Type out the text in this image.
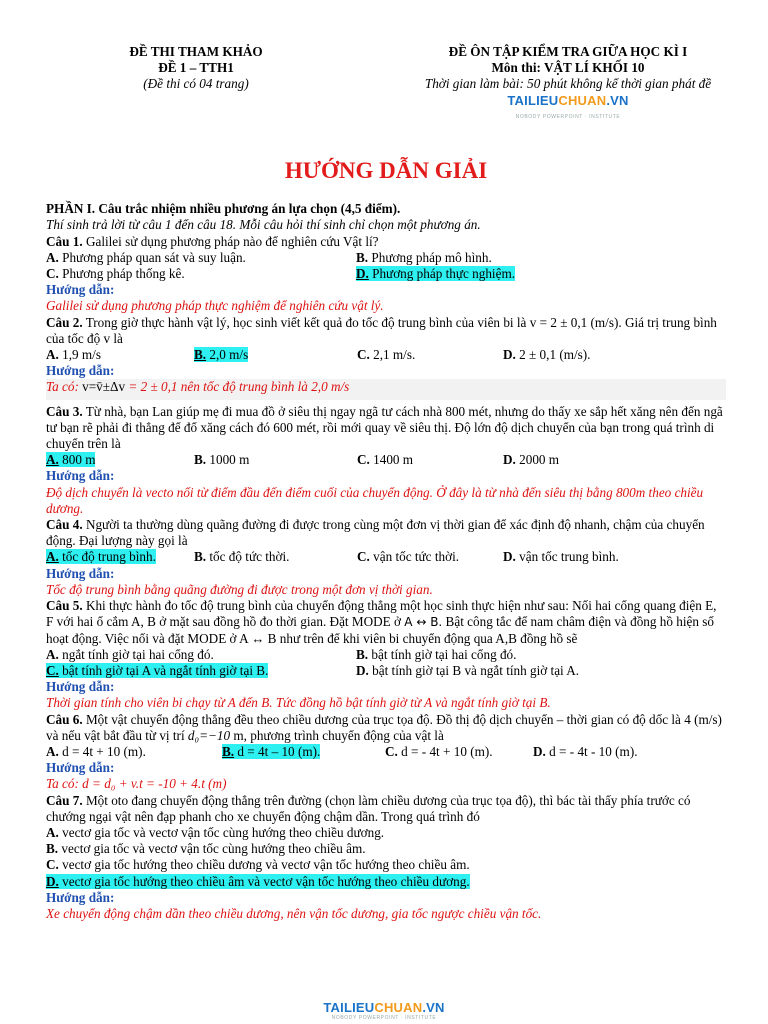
ĐỀ THI THAM KHẢO
ĐỀ 1 – TTH1
(Đề thi có 04 trang)
ĐỀ ÔN TẬP KIỂM TRA GIỮA HỌC KÌ I
Môn thi: VẬT LÍ KHỐI 10
Thời gian làm bài: 50 phút không kể thời gian phát đề
TAILIEUCHUAN.VN
NOBODY POWERPOINT · INSTITUTE
HƯỚNG DẪN GIẢI

PHẦN I. Câu trắc nhiệm nhiều phương án lựa chọn (4,5 điểm).

Thí sinh trả lời từ câu 1 đến câu 18. Mỗi câu hỏi thí sinh chỉ chọn một phương án.

Câu 1. Galilei sử dụng phương pháp nào để nghiên cứu Vật lí?

A. Phương pháp quan sát và suy luận.	B. Phương pháp mô hình.
C. Phương pháp thống kê.	D. Phương pháp thực nghiệm.

Hướng dẫn:

Galilei sử dụng phương pháp thực nghiệm để nghiên cứu vật lý.

Câu 2. Trong giờ thực hành vật lý, học sinh viết kết quả đo tốc độ trung bình của viên bi là v = 2 ± 0,1 (m/s). Giá trị trung bình của tốc độ v là

A. 1,9 m/s	B. 2,0 m/s	C. 2,1 m/s.	D. 2 ± 0,1 (m/s).

Hướng dẫn:

Ta có: v=v̄±Δv = 2 ± 0,1 nên tốc độ trung bình là 2,0 m/s

Câu 3. Từ nhà, bạn Lan giúp mẹ đi mua đồ ở siêu thị ngay ngã tư cách nhà 800 mét, nhưng do thấy xe sắp hết xăng nên đến ngã tư bạn rẽ phải đi thẳng để đổ xăng cách đó 600 mét, rồi mới quay về siêu thị. Độ lớn độ dịch chuyển của bạn trong quá trình di chuyển trên là

A. 800 m	B. 1000 m	C. 1400 m	D. 2000 m

Hướng dẫn:

Độ dịch chuyển là vecto nối từ điểm đầu đến điểm cuối của chuyển động. Ở đây là từ nhà đến siêu thị bằng 800m theo chiều dương.

Câu 4. Người ta thường dùng quãng đường đi được trong cùng một đơn vị thời gian để xác định độ nhanh, chậm của chuyển động. Đại lượng này gọi là

A. tốc độ trung bình.	B. tốc độ tức thời.	C. vận tốc tức thời.	D. vận tốc trung bình.

Hướng dẫn:

Tốc độ trung bình bằng quãng đường đi được trong một đơn vị thời gian.

Câu 5. Khi thực hành đo tốc độ trung bình của chuyển động thẳng một học sinh thực hiện như sau: Nối hai cổng quang điện E, F với hai ổ cắm A, B ở mặt sau đồng hồ đo thời gian. Đặt MODE ở A ↔ B. Bật công tắc để nam châm điện và đồng hồ hiện số hoạt động. Việc nối và đặt MODE ở A ↔ B như trên để khi viên bi chuyển động qua A,B đồng hồ sẽ

A. ngắt tính giờ tại hai cổng đó.	B. bật tính giờ tại hai cổng đó.
C. bật tính giờ tại A và ngắt tính giờ tại B.	D. bật tính giờ tại B và ngắt tính giờ tại A.

Hướng dẫn:

Thời gian tính cho viên bi chạy từ A đến B. Tức đồng hồ bật tính giờ từ A và ngắt tính giờ tại B.

Câu 6. Một vật chuyển động thẳng đều theo chiều dương của trục tọa độ. Đồ thị độ dịch chuyển – thời gian có độ dốc là 4 (m/s) và nếu vật bắt đầu từ vị trí d₀=−10 m, phương trình chuyển động của vật là

A. d = 4t + 10 (m).	B. d = 4t – 10 (m).	C. d = - 4t + 10 (m).	D. d = - 4t - 10 (m).

Hướng dẫn:

Ta có: d = d₀ + v.t = -10 + 4.t (m)

Câu 7. Một oto đang chuyển động thẳng trên đường (chọn làm chiều dương của trục tọa độ), thì bác tài thấy phía trước có chướng ngại vật nên đạp phanh cho xe chuyển động chậm dần. Trong quá trình đó

A. vectơ gia tốc và vectơ vận tốc cùng hướng theo chiều dương.

B. vectơ gia tốc và vectơ vận tốc cùng hướng theo chiều âm.

C. vectơ gia tốc hướng theo chiều dương và vectơ vận tốc hướng theo chiều âm.

D. vectơ gia tốc hướng theo chiều âm và vectơ vận tốc hướng theo chiều dương.

Hướng dẫn:

Xe chuyển động chậm dần theo chiều dương, nên vận tốc dương, gia tốc ngược chiều vận tốc.

TAILIEUCHUAN.VN
NOBODY POWERPOINT · INSTITUTE
